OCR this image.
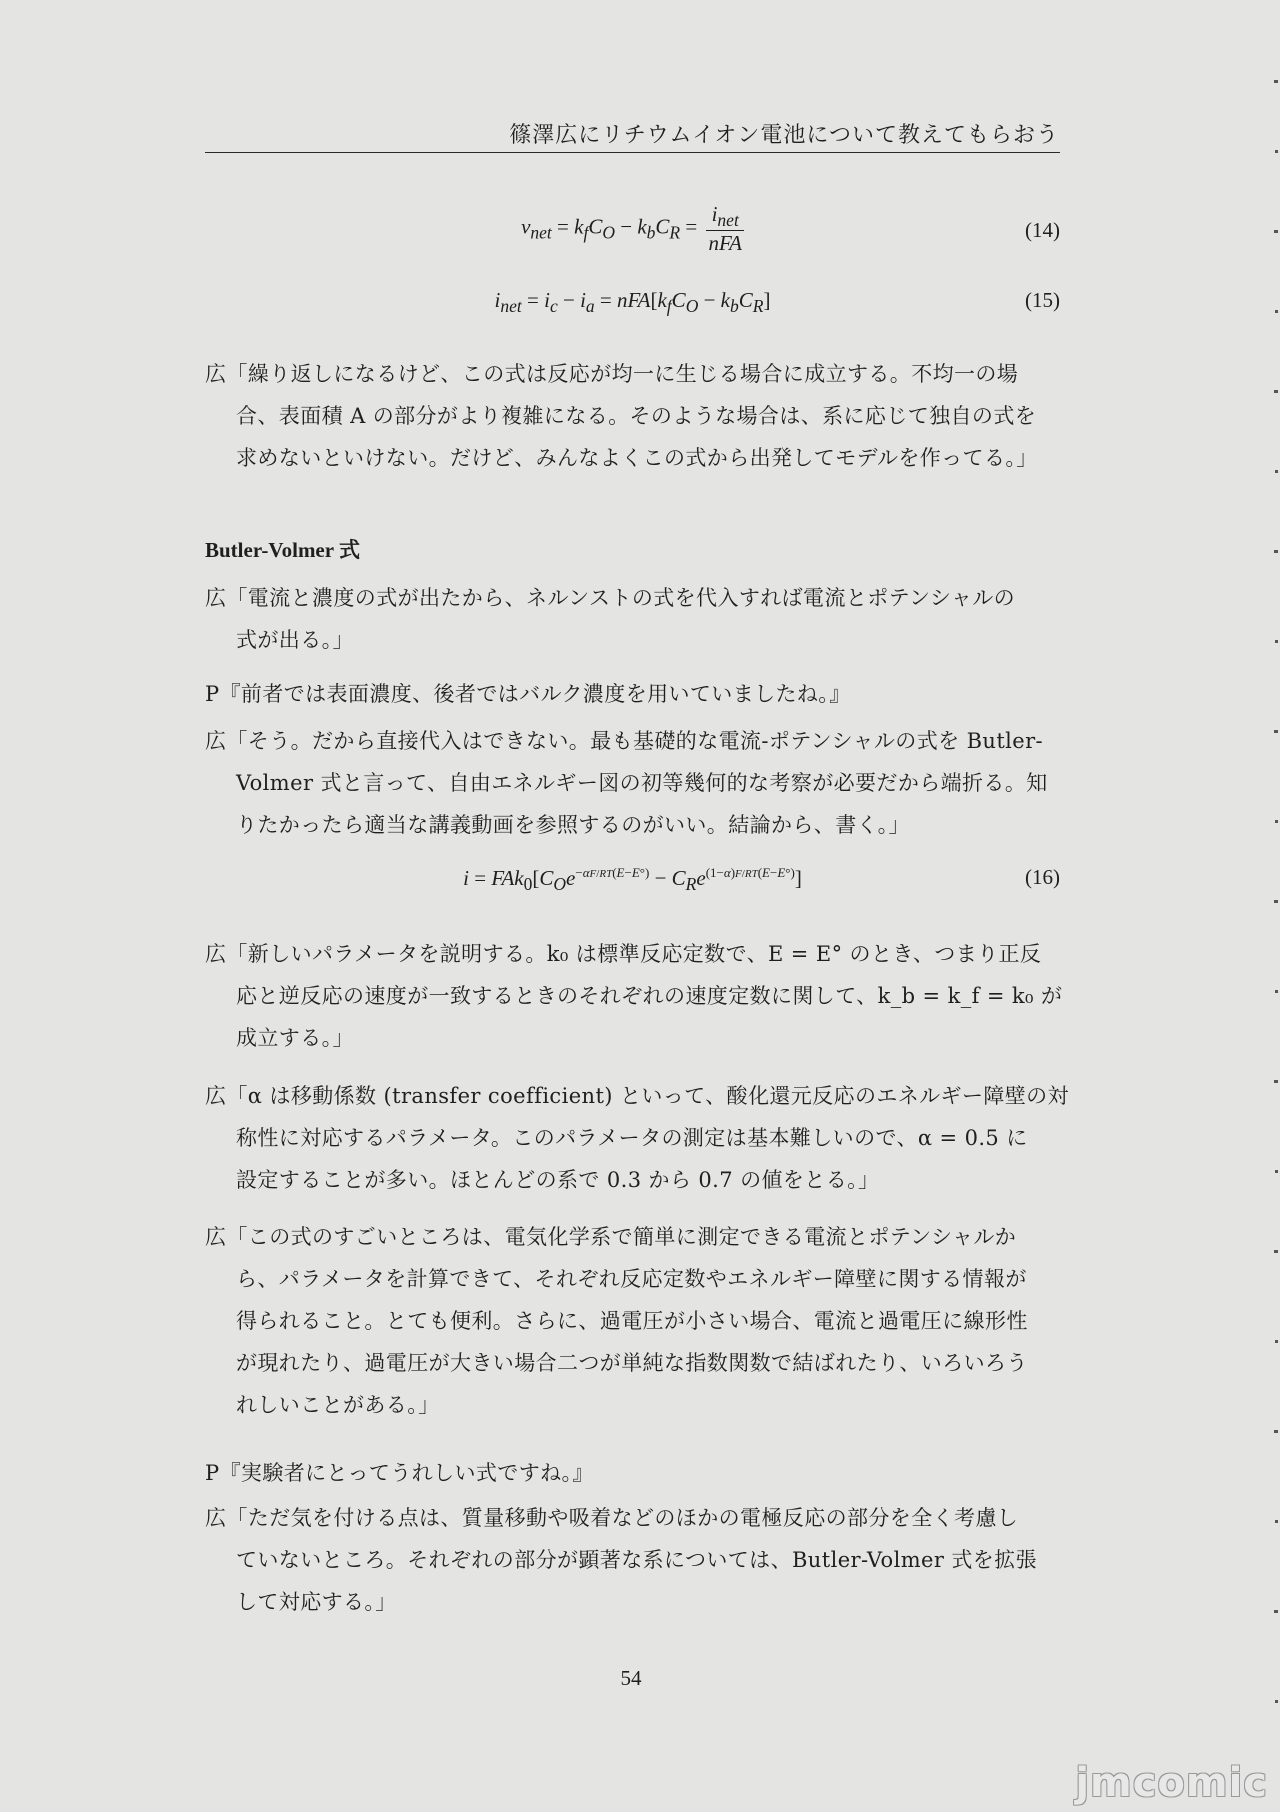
篠澤広にリチウムイオン電池について教えてもらおう
$v_{net} = k_fC_O - k_bC_R = \frac{i_{net}}{\text{nFA}}$	(14)
$i_{net} = i_c - i_a = nFA[k_fC_O - k_bC_R]$	(15)
広「繰り返しになるけど、この式は反応が均一に生じる場合に成立する。不均一の場
合、表面積 A の部分がより複雑になる。そのような場合は、系に応じて独自の式を
求めないといけない。だけど、みんなよくこの式から出発してモデルを作ってる。」
Butler-Volmer 式
広「電流と濃度の式が出たから、ネルンストの式を代入すれば電流とポテンシャルの
式が出る。」
P『前者では表面濃度、後者ではバルク濃度を用いていましたね。』
広「そう。だから直接代入はできない。最も基礎的な電流-ポテンシャルの式を Butler-
Volmer 式と言って、自由エネルギー図の初等幾何的な考察が必要だから端折る。知
りたかったら適当な講義動画を参照するのがいい。結論から、書く。」
$i = FAk_0[C_Oe^{-\alpha F/RT(E-E^\circ)} - C_Re^{(1-\alpha)F/RT(E-E^\circ)}]$	(16)
広「新しいパラメータを説明する。k₀ は標準反応定数で、E = E° のとき、つまり正反
応と逆反応の速度が一致するときのそれぞれの速度定数に関して、k_b = k_f = k₀ が
成立する。」
広「α は移動係数 (transfer coefficient) といって、酸化還元反応のエネルギー障壁の対
称性に対応するパラメータ。このパラメータの測定は基本難しいので、α = 0.5 に
設定することが多い。ほとんどの系で 0.3 から 0.7 の値をとる。」
広「この式のすごいところは、電気化学系で簡単に測定できる電流とポテンシャルか
ら、パラメータを計算できて、それぞれ反応定数やエネルギー障壁に関する情報が
得られること。とても便利。さらに、過電圧が小さい場合、電流と過電圧に線形性
が現れたり、過電圧が大きい場合二つが単純な指数関数で結ばれたり、いろいろう
れしいことがある。」
P『実験者にとってうれしい式ですね。』
広「ただ気を付ける点は、質量移動や吸着などのほかの電極反応の部分を全く考慮し
ていないところ。それぞれの部分が顕著な系については、Butler-Volmer 式を拡張
して対応する。」
54
jmcomic
